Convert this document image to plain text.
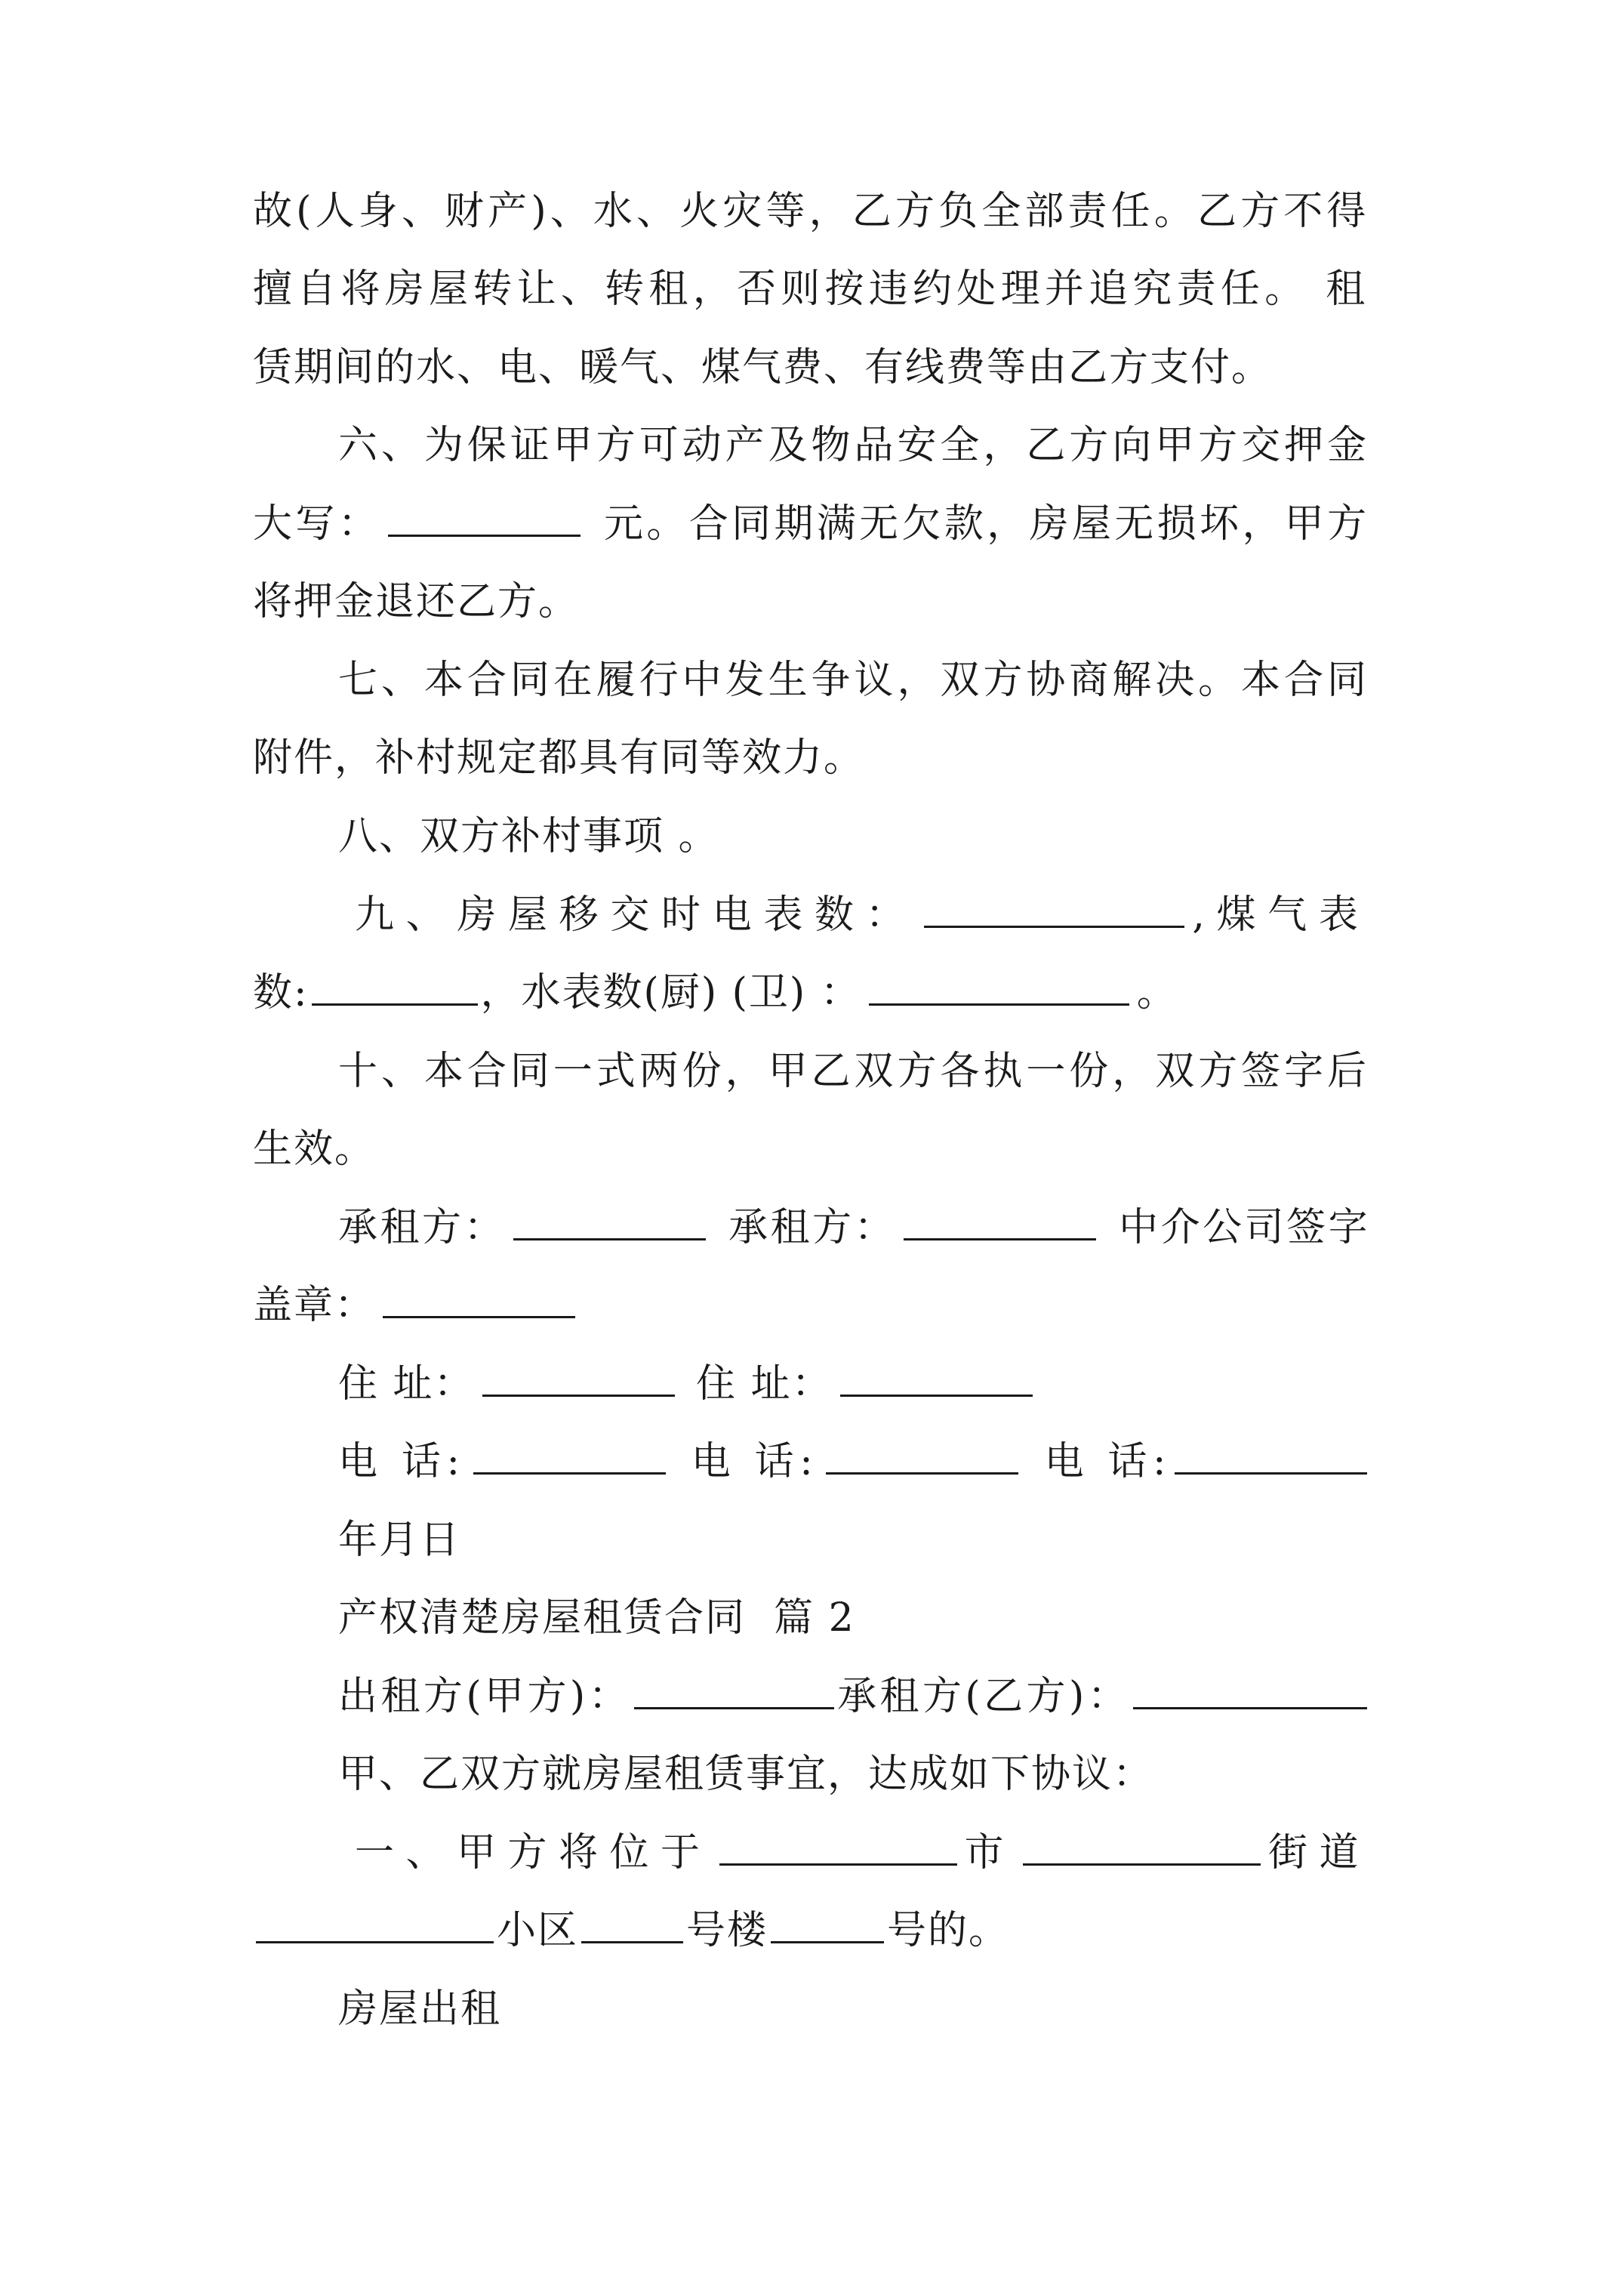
故(人身、财产)、水、火灾等，乙方负全部责任。乙方不得
擅自将房屋转让、转租，否则按违约处理并追究责任。 租
赁期间的水、电、暖气、煤气费、有线费等由乙方支付。
六、为保证甲方可动产及物品安全，乙方向甲方交押金
大写：	元。合同期满无欠款，房屋无损坏，甲方
将押金退还乙方。
七、本合同在履行中发生争议，双方协商解决。本合同
附件，补村规定都具有同等效力。
八、双方补村事项 。
九、房屋移交时电表数：	,煤气表
数:	，水表数(厨) (卫) ：	。
十、本合同一式两份，甲乙双方各执一份，双方签字后
生效。
承租方：	承租方：	中介公司签字
盖章：
住 址：	住 址：
电 话:	电 话:	电 话:
年月日
产权清楚房屋租赁合同  篇 2
出租方(甲方)：	承租方(乙方)：
甲、乙双方就房屋租赁事宜，达成如下协议：
一、甲方将位于	市	街道
小区	号楼	号的。
房屋出租
